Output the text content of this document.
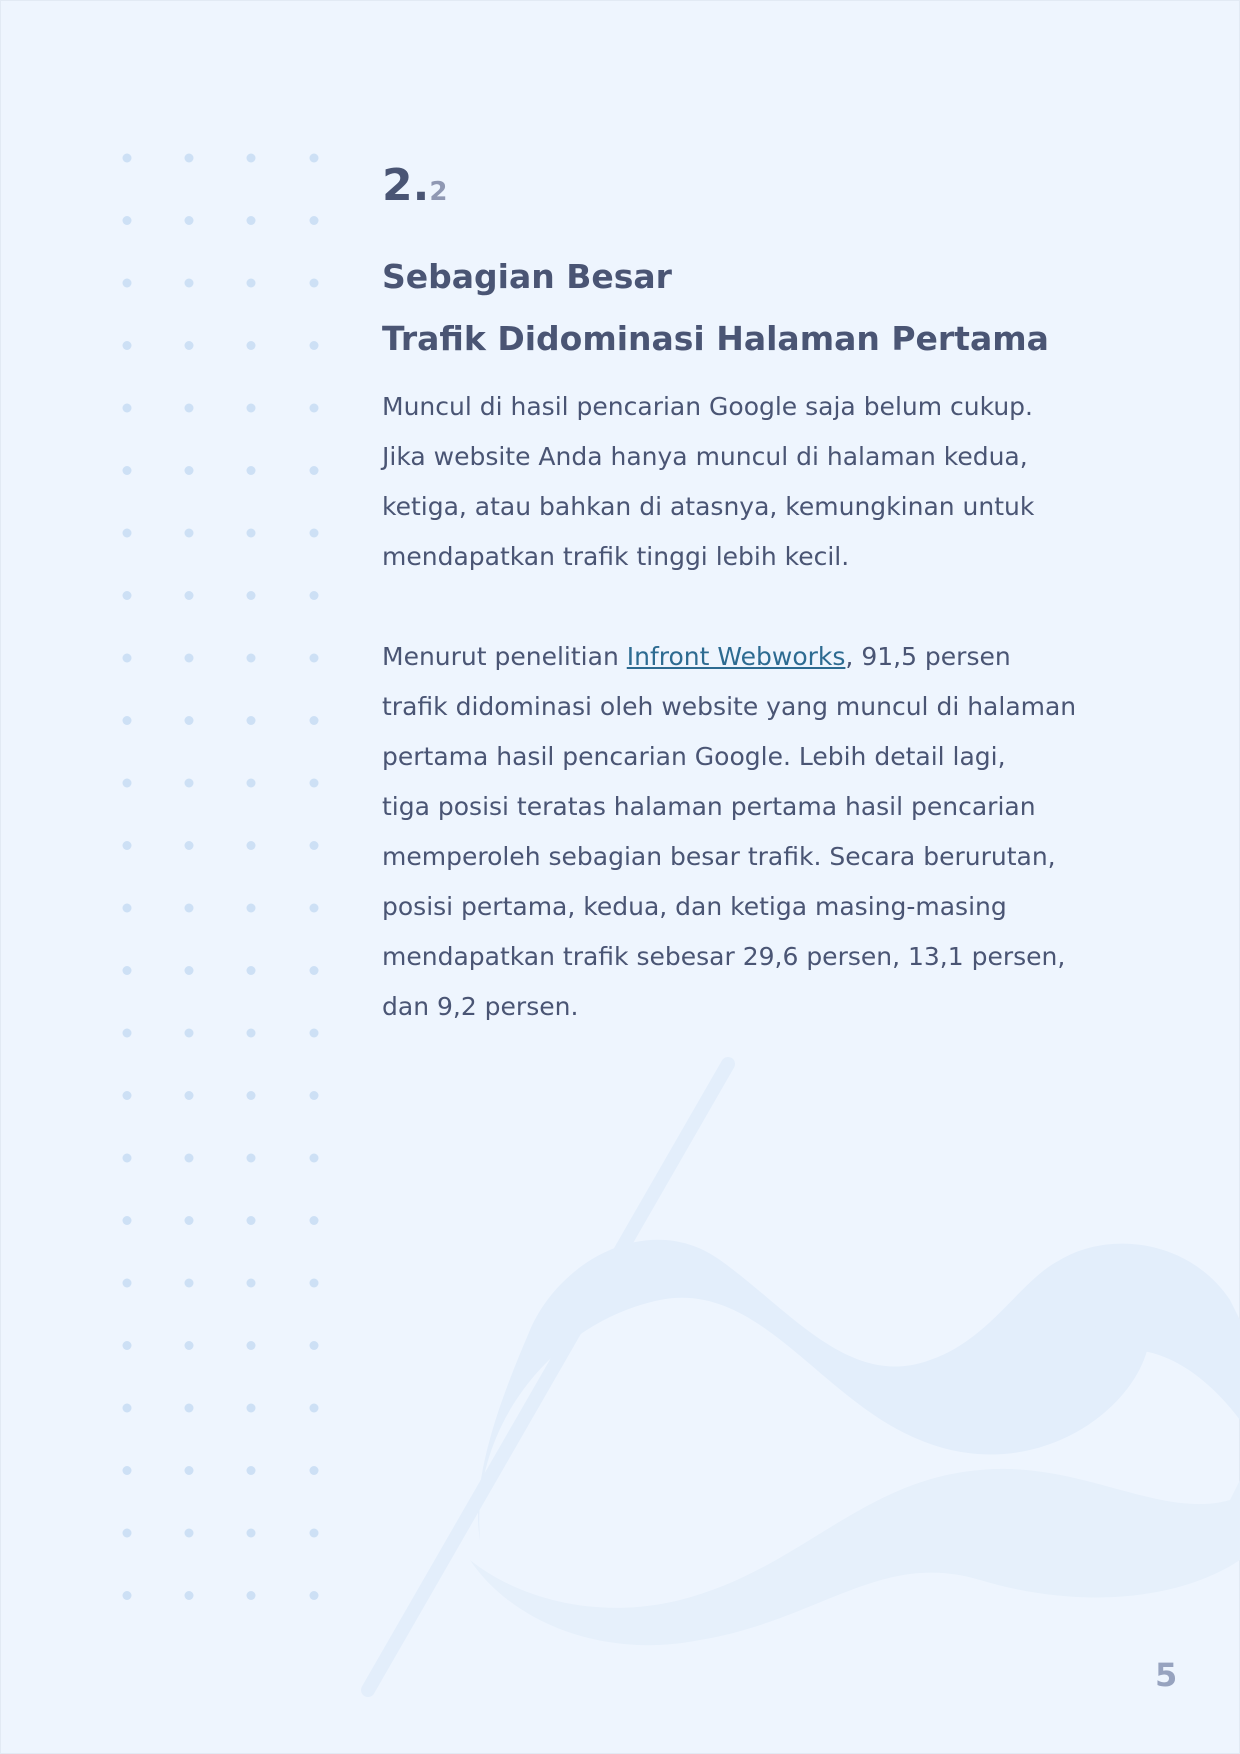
2.2
Sebagian Besar
Trafik Didominasi Halaman Pertama
Muncul di hasil pencarian Google saja belum cukup.
Jika website Anda hanya muncul di halaman kedua,
ketiga, atau bahkan di atasnya, kemungkinan untuk
mendapatkan trafik tinggi lebih kecil.
Menurut penelitian Infront Webworks, 91,5 persen
trafik didominasi oleh website yang muncul di halaman
pertama hasil pencarian Google. Lebih detail lagi,
tiga posisi teratas halaman pertama hasil pencarian
memperoleh sebagian besar trafik. Secara berurutan,
posisi pertama, kedua, dan ketiga masing-masing
mendapatkan trafik sebesar 29,6 persen, 13,1 persen,
dan 9,2 persen.
5
